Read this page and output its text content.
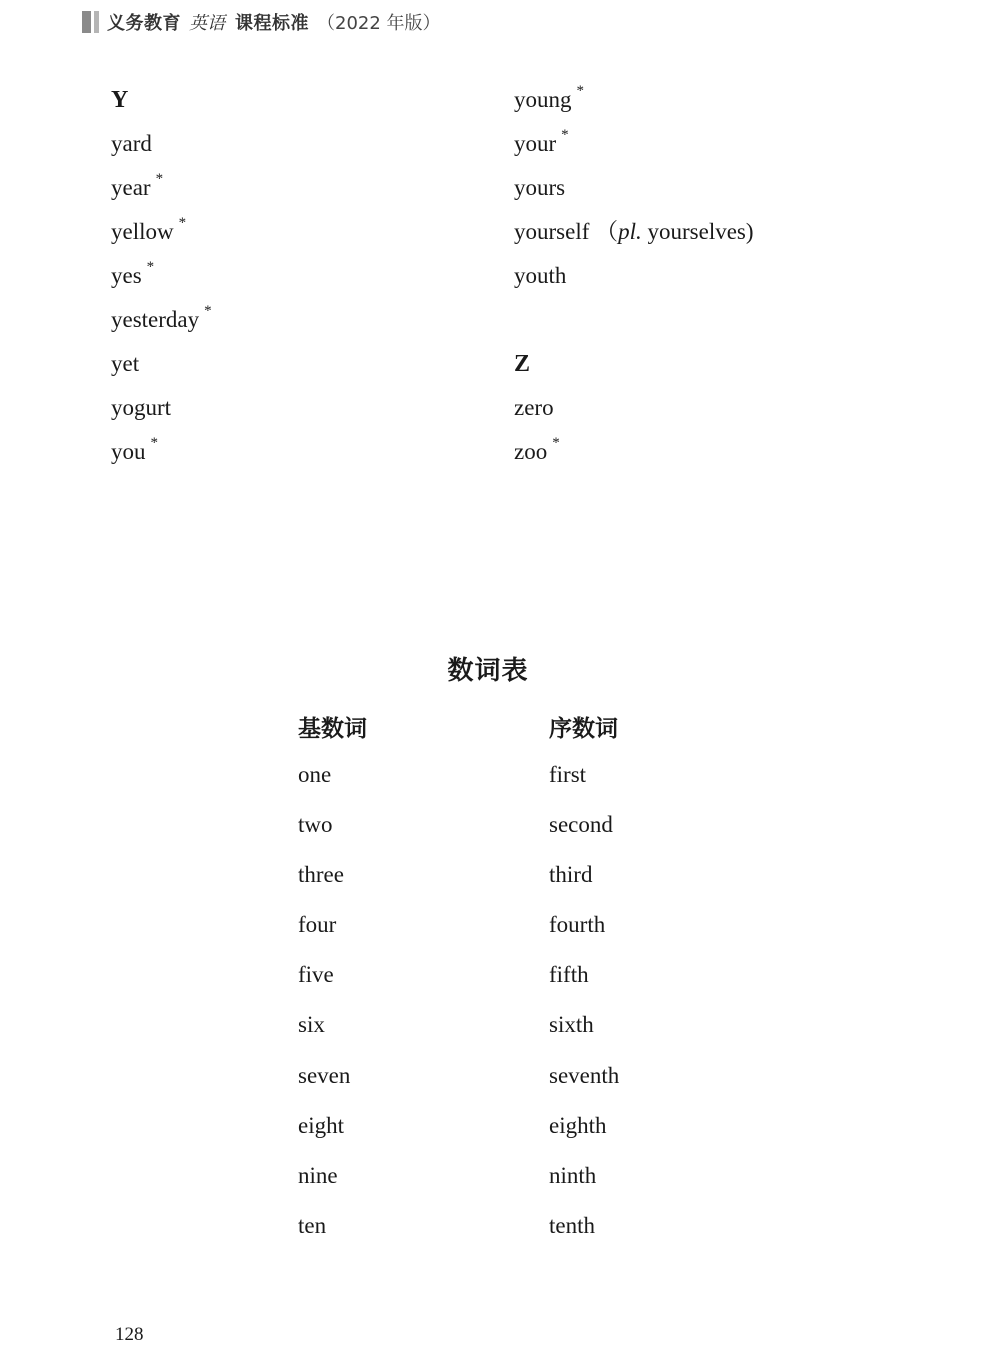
义务教育 英语 课程标准 （2022 年版）
Y
yard
year *
yellow *
yes *
yesterday *
yet
yogurt
you *
young *
your *
yours
yourself （pl. yourselves)
youth
Z
zero
zoo *
数词表
基数词
one
two
three
four
five
six
seven
eight
nine
ten
序数词
first
second
third
fourth
fifth
sixth
seventh
eighth
ninth
tenth
128
